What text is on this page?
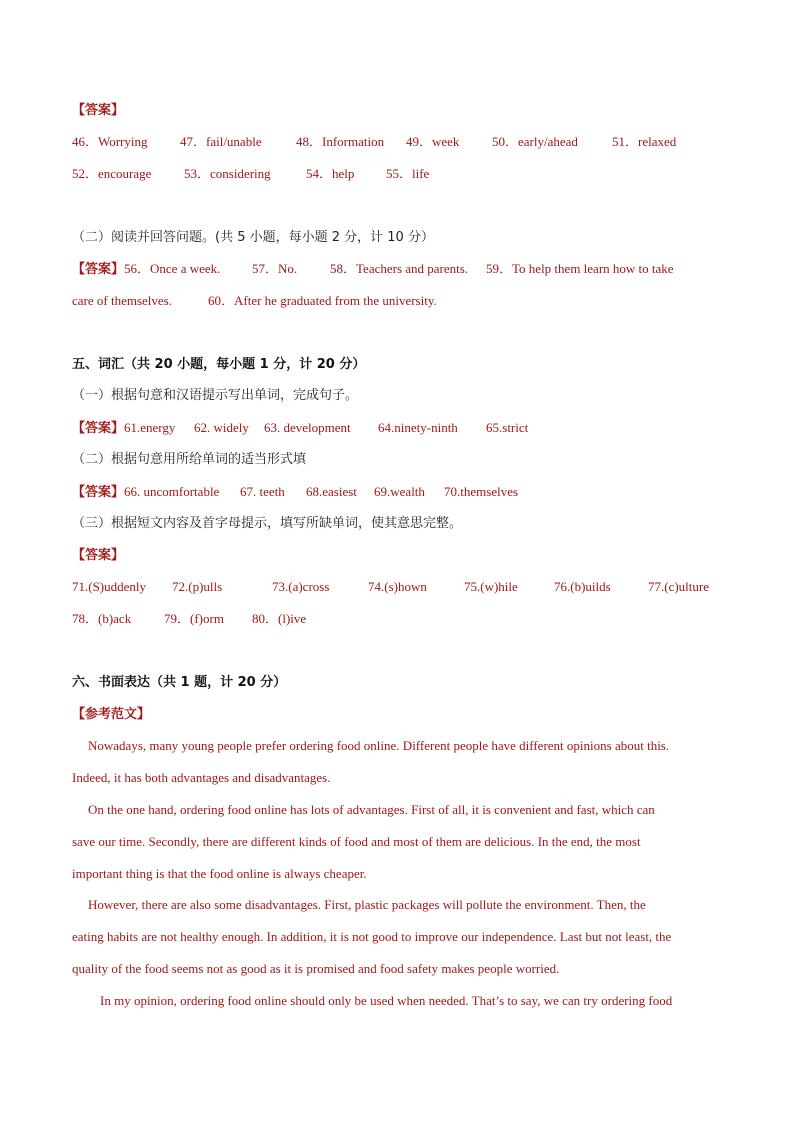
【答案】
46．Worrying	47．fail/unable	48．Information 49．week	50．early/ahead	51．relaxed
52．encourage	53．considering	54．help 55．life
（二）阅读并回答问题。(共 5 小题，每小题 2 分，计 10 分）
【答案】56．Once a week. 57．No.	58．Teachers and parents. 59．To help them learn how to take
care of themselves.	60．After he graduated from the university.
五、词汇（共 20 小题，每小题 1 分，计 20 分）
（一）根据句意和汉语提示写出单词，完成句子。
【答案】61.energy 62. widely 63. development 64.ninety-ninth 65.strict
（二）根据句意用所给单词的适当形式填
【答案】66. uncomfortable 67. teeth 68.easiest 69.wealth 70.themselves
（三）根据短文内容及首字母提示，填写所缺单词，使其意思完整。
【答案】
71.(S)uddenly 72.(p)ulls	73.(a)cross	74.(s)hown	75.(w)hile	76.(b)uilds	77.(c)ulture
78．(b)ack	79．(f)orm 80．(l)ive
六、书面表达（共 1 题，计 20 分）
【参考范文】
Nowadays, many young people prefer ordering food online. Different people have different opinions about this.
Indeed, it has both advantages and disadvantages.
On the one hand, ordering food online has lots of advantages. First of all, it is convenient and fast, which can
save our time. Secondly, there are different kinds of food and most of them are delicious. In the end, the most
important thing is that the food online is always cheaper.
However, there are also some disadvantages. First, plastic packages will pollute the environment. Then, the
eating habits are not healthy enough. In addition, it is not good to improve our independence. Last but not least, the
quality of the food seems not as good as it is promised and food safety makes people worried.
In my opinion, ordering food online should only be used when needed. That’s to say, we can try ordering food
